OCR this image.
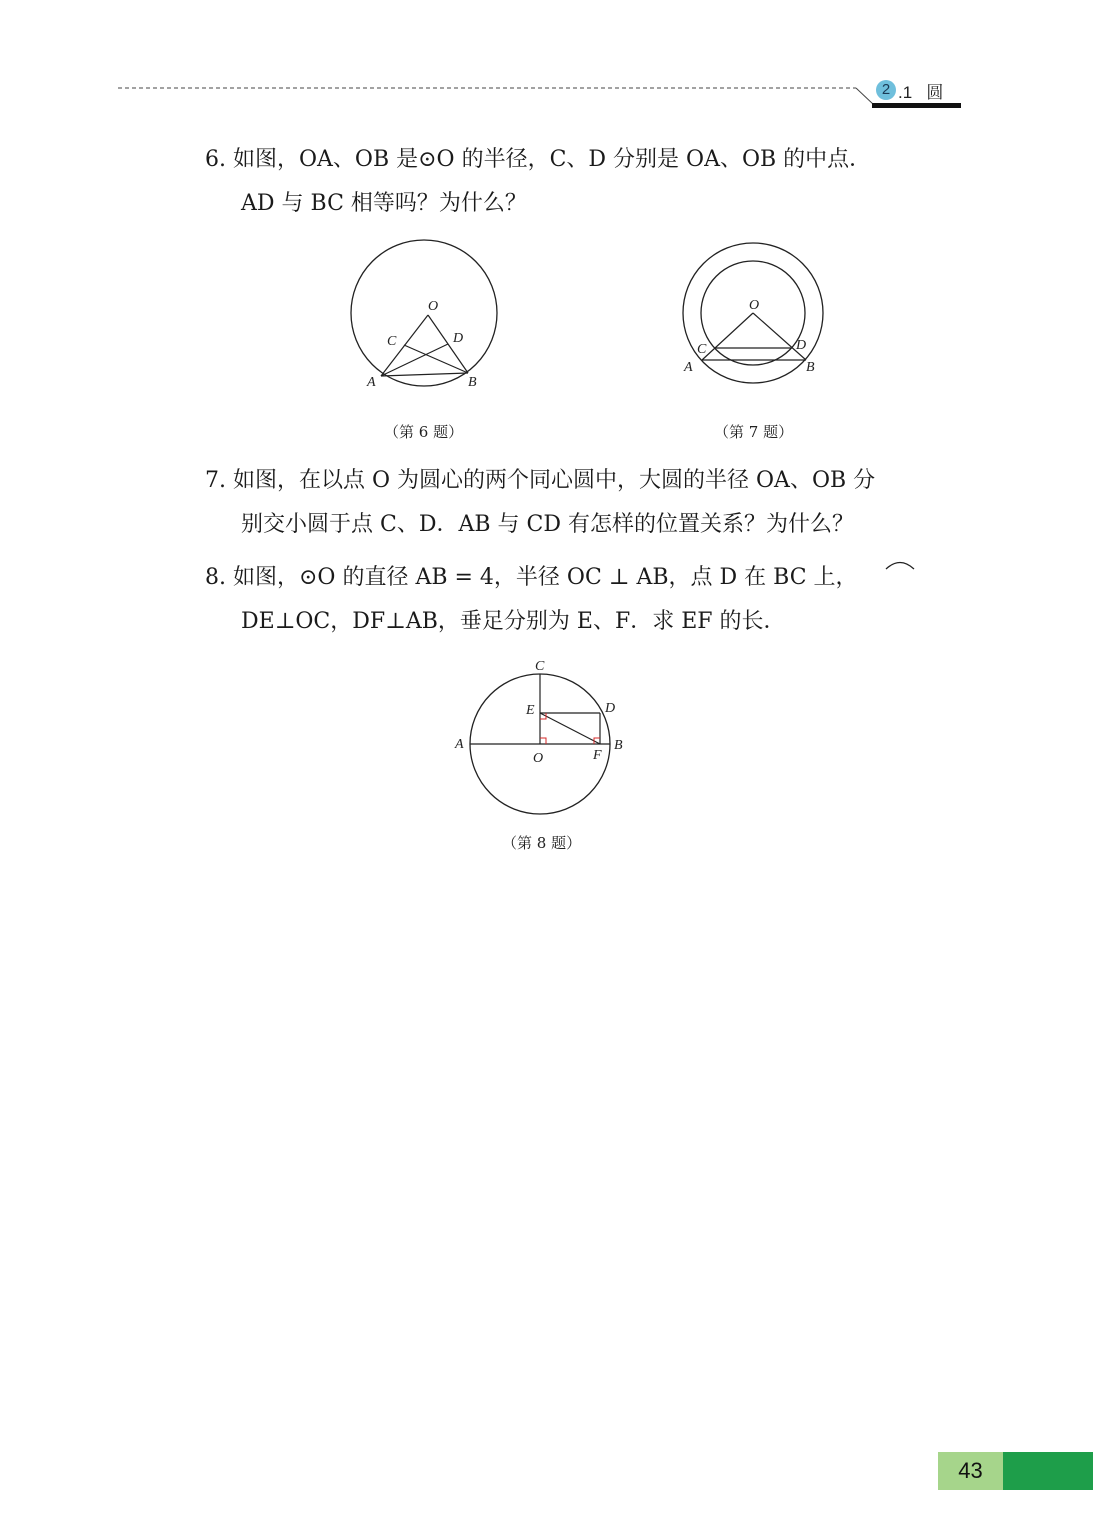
2 .1   圆
6. 如图，OA、OB 是⊙O 的半径，C、D 分别是 OA、OB 的中点．
AD 与 BC 相等吗？为什么？
O
C	D
A	B
（第 6 题）
O
C	D
A	B
（第 7 题）
7. 如图，在以点 O 为圆心的两个同心圆中，大圆的半径 OA、OB 分
别交小圆于点 C、D．AB 与 CD 有怎样的位置关系？为什么？
8. 如图，⊙O 的直径 AB = 4，半径 OC ⊥ AB，点 D 在 BC 上，
DE⊥OC，DF⊥AB，垂足分别为 E、F．求 EF 的长．
C
E	D
A
O	F
B
（第 8 题）
43
